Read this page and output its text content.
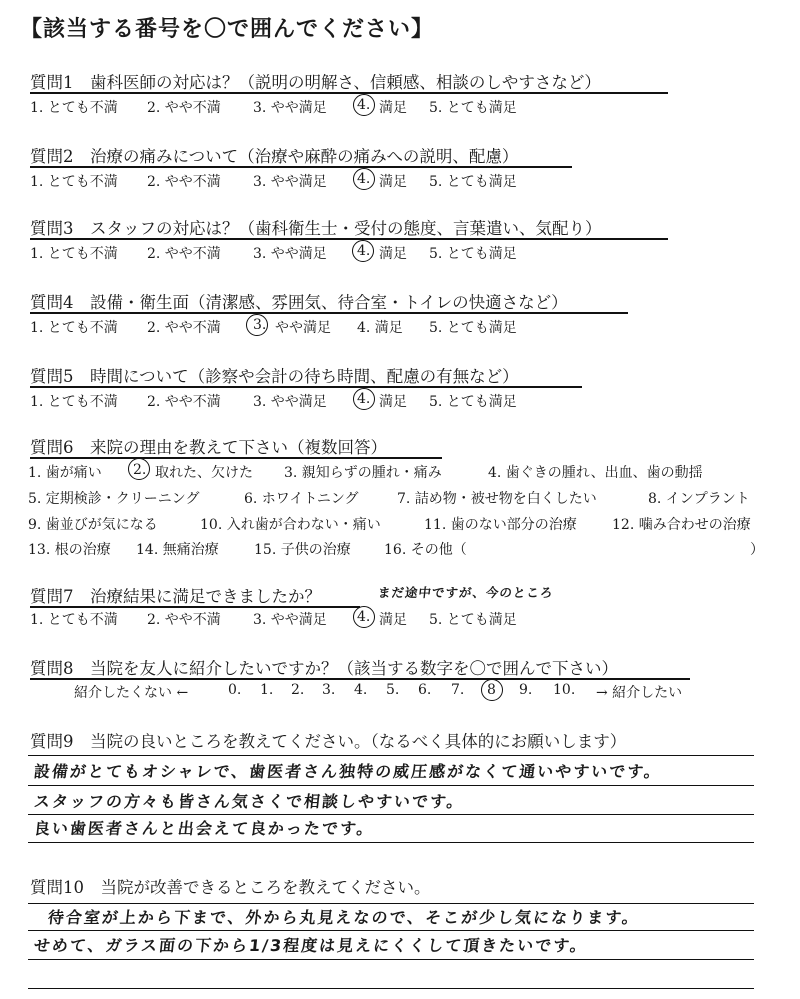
【該当する番号を〇で囲んでください】
質問1　歯科医師の対応は？（説明の明解さ、信頼感、相談のしやすさなど）
1. とても不満 2. やや不満 3. やや満足 4. 満足 5. とても満足
質問2　治療の痛みについて（治療や麻酔の痛みへの説明、配慮）
1. とても不満 2. やや不満 3. やや満足 4. 満足 5. とても満足
質問3　スタッフの対応は？（歯科衛生士・受付の態度、言葉遣い、気配り）
1. とても不満 2. やや不満 3. やや満足 4. 満足 5. とても満足
質問4　設備・衛生面（清潔感、雰囲気、待合室・トイレの快適さなど）
1. とても不満 2. やや不満 3. やや満足 4. 満足 5. とても満足
質問5　時間について（診察や会計の待ち時間、配慮の有無など）
1. とても不満 2. やや不満 3. やや満足 4. 満足 5. とても満足
質問6　来院の理由を教えて下さい（複数回答）
1. 歯が痛い 2. 取れた、欠けた 3. 親知らずの腫れ・痛み	4. 歯ぐきの腫れ、出血、歯の動揺
5. 定期検診・クリーニング	6. ホワイトニング	7. 詰め物・被せ物を白くしたい	8. インプラント
9. 歯並びが気になる	10. 入れ歯が合わない・痛い	11. 歯のない部分の治療	12. 噛み合わせの治療
13. 根の治療 14. 無痛治療	15. 子供の治療 16. その他（	）
質問7　治療結果に満足できましたか？	まだ途中ですが、今のところ
1. とても不満 2. やや不満 3. やや満足 4. 満足 5. とても満足
質問8　当院を友人に紹介したいですか？（該当する数字を〇で囲んで下さい）
紹介したくない ←	0. 1. 2. 3. 4. 5. 6. 7. 8 9. 10. → 紹介したい
質問9　当院の良いところを教えてください。（なるべく具体的にお願いします）
設備がとてもオシャレで、歯医者さん独特の威圧感がなくて通いやすいです。
スタッフの方々も皆さん気さくで相談しやすいです。
良い歯医者さんと出会えて良かったです。
質問10　当院が改善できるところを教えてください。
待合室が上から下まで、外から丸見えなので、そこが少し気になります。
せめて、ガラス面の下から1/3程度は見えにくくして頂きたいです。
